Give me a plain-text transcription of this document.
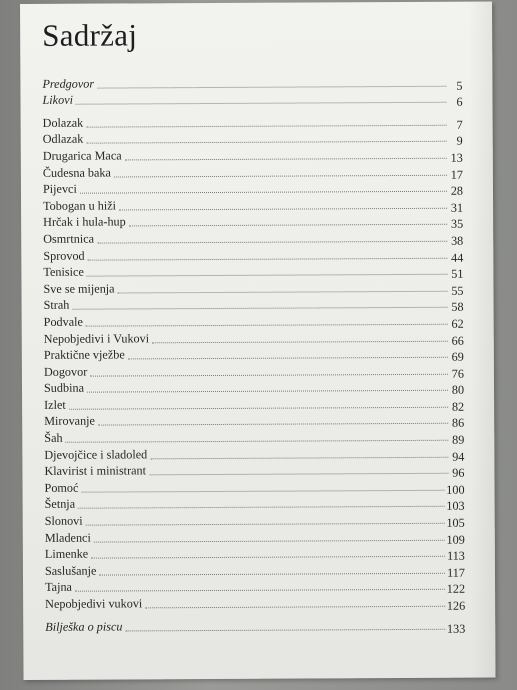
Sadržaj
Predgovor	5
Likovi	6
Dolazak	7
Odlazak	9
Drugarica Maca	13
Čudesna baka	17
Pijevci	28
Tobogan u hiži	31
Hrčak i hula-hup	35
Osmrtnica	38
Sprovod	44
Tenisice	51
Sve se mijenja	55
Strah	58
Podvale	62
Nepobjedivi i Vukovi	66
Praktične vježbe	69
Dogovor	76
Sudbina	80
Izlet	82
Mirovanje	86
Šah	89
Djevojčice i sladoled	94
Klavirist i ministrant	96
Pomoć	100
Šetnja	103
Slonovi	105
Mladenci	109
Limenke	113
Saslušanje	117
Tajna	122
Nepobjedivi vukovi	126
Bilješka o piscu	133
